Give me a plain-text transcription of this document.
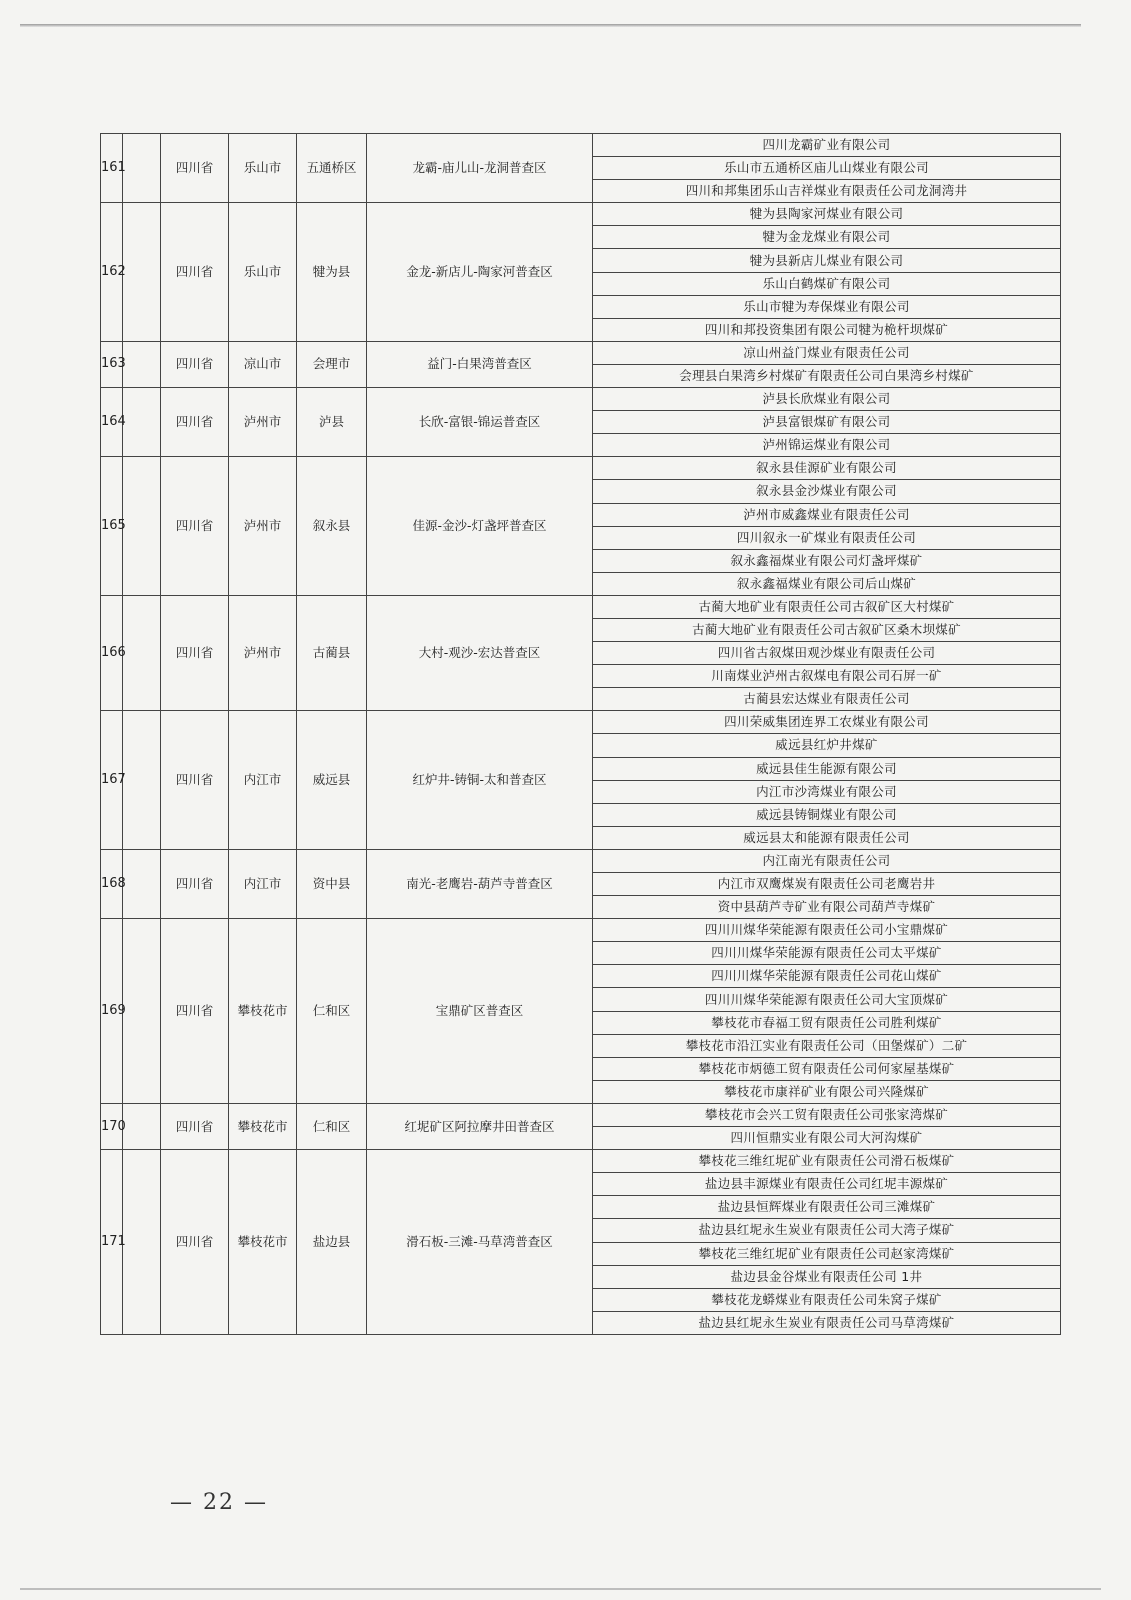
161		四川省	乐山市	五通桥区	龙霸-庙儿山-龙洞普查区	四川龙霸矿业有限公司
						乐山市五通桥区庙儿山煤业有限公司
						四川和邦集团乐山吉祥煤业有限责任公司龙洞湾井
162		四川省	乐山市	犍为县	金龙-新店儿-陶家河普查区	犍为县陶家河煤业有限公司
						犍为金龙煤业有限公司
						犍为县新店儿煤业有限公司
						乐山白鹤煤矿有限公司
						乐山市犍为寿保煤业有限公司
						四川和邦投资集团有限公司犍为桅杆坝煤矿
163		四川省	凉山市	会理市	益门-白果湾普查区	凉山州益门煤业有限责任公司
						会理县白果湾乡村煤矿有限责任公司白果湾乡村煤矿
164		四川省	泸州市	泸县	长欣-富银-锦运普查区	泸县长欣煤业有限公司
						泸县富银煤矿有限公司
						泸州锦运煤业有限公司
165		四川省	泸州市	叙永县	佳源-金沙-灯盏坪普查区	叙永县佳源矿业有限公司
						叙永县金沙煤业有限公司
						泸州市威鑫煤业有限责任公司
						四川叙永一矿煤业有限责任公司
						叙永鑫福煤业有限公司灯盏坪煤矿
						叙永鑫福煤业有限公司后山煤矿
166		四川省	泸州市	古蔺县	大村-观沙-宏达普查区	古蔺大地矿业有限责任公司古叙矿区大村煤矿
						古蔺大地矿业有限责任公司古叙矿区桑木坝煤矿
						四川省古叙煤田观沙煤业有限责任公司
						川南煤业泸州古叙煤电有限公司石屏一矿
						古蔺县宏达煤业有限责任公司
167		四川省	内江市	威远县	红炉井-铸铜-太和普查区	四川荣威集团连界工农煤业有限公司
						威远县红炉井煤矿
						威远县佳生能源有限公司
						内江市沙湾煤业有限公司
						威远县铸铜煤业有限公司
						威远县太和能源有限责任公司
168		四川省	内江市	资中县	南光-老鹰岩-葫芦寺普查区	内江南光有限责任公司
						内江市双鹰煤炭有限责任公司老鹰岩井
						资中县葫芦寺矿业有限公司葫芦寺煤矿
169		四川省	攀枝花市	仁和区	宝鼎矿区普查区	四川川煤华荣能源有限责任公司小宝鼎煤矿
						四川川煤华荣能源有限责任公司太平煤矿
						四川川煤华荣能源有限责任公司花山煤矿
						四川川煤华荣能源有限责任公司大宝顶煤矿
						攀枝花市春福工贸有限责任公司胜利煤矿
						攀枝花市沿江实业有限责任公司（田堡煤矿）二矿
						攀枝花市炳德工贸有限责任公司何家屋基煤矿
						攀枝花市康祥矿业有限公司兴隆煤矿
170		四川省	攀枝花市	仁和区	红坭矿区阿拉摩井田普查区	攀枝花市会兴工贸有限责任公司张家湾煤矿
						四川恒鼎实业有限公司大河沟煤矿
171		四川省	攀枝花市	盐边县	滑石板-三滩-马草湾普查区	攀枝花三维红坭矿业有限责任公司滑石板煤矿
						盐边县丰源煤业有限责任公司红坭丰源煤矿
						盐边县恒辉煤业有限责任公司三滩煤矿
						盐边县红坭永生炭业有限责任公司大湾子煤矿
						攀枝花三维红坭矿业有限责任公司赵家湾煤矿
						盐边县金谷煤业有限责任公司 1井
						攀枝花龙蟒煤业有限责任公司朱窝子煤矿
						盐边县红坭永生炭业有限责任公司马草湾煤矿
— 22 —
